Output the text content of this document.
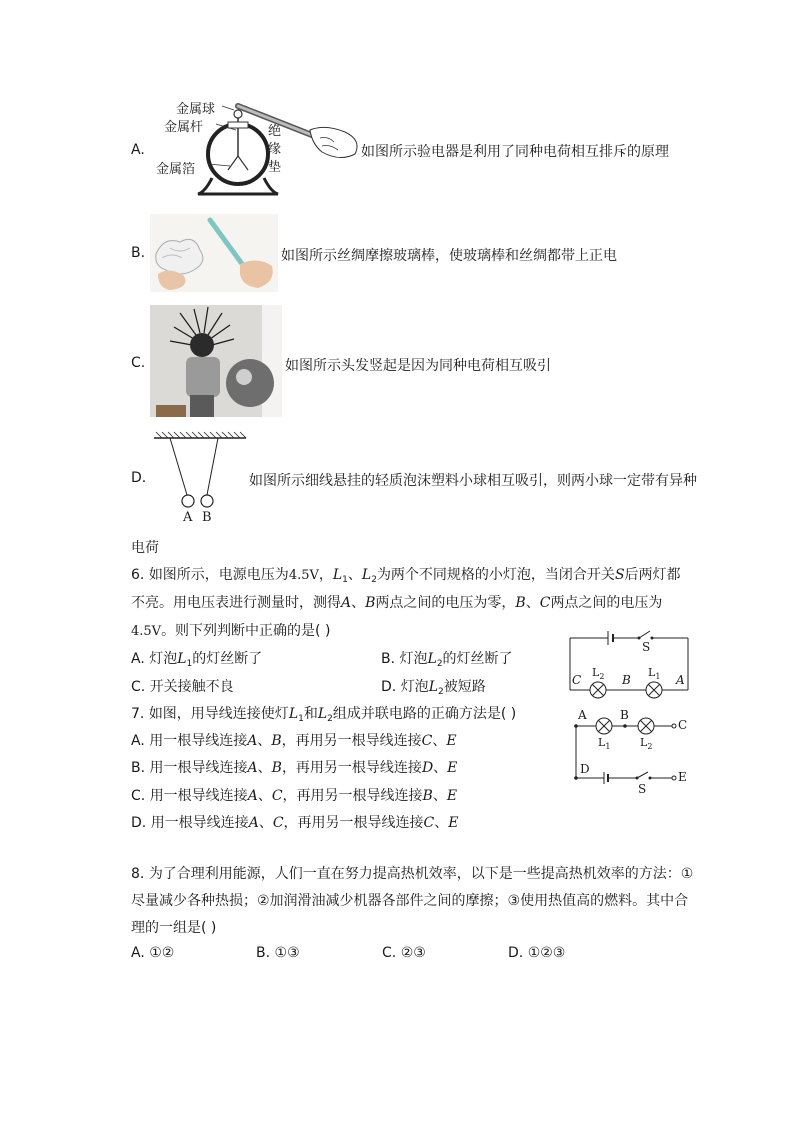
A.
金属球
金属杆
金属箔
绝
缘
垫
如图所示验电器是利用了同种电荷相互排斥的原理
B.	如图所示丝绸摩擦玻璃棒，使玻璃棒和丝绸都带上正电
C.	如图所示头发竖起是因为同种电荷相互吸引
D.
A B
如图所示细线悬挂的轻质泡沫塑料小球相互吸引，则两小球一定带有异种
电荷
6. 如图所示，电源电压为4.5V，$L_1$、$L_2$为两个不同规格的小灯泡，当闭合开关S后两灯都
不亮。用电压表进行测量时，测得A、B两点之间的电压为零，B、C两点之间的电压为
4.5V。则下列判断中正确的是( )
A. 灯泡$L_1$的灯丝断了	B. 灯泡$L_2$的灯丝断了
C. 开关接触不良	D. 灯泡$L_2$被短路
S
$L_2$	$L_1$
C	B	A
7. 如图，用导线连接使灯$L_1$和$L_2$组成并联电路的正确方法是( )
A. 用一根导线连接A、B，再用另一根导线连接C、E
B. 用一根导线连接A、B，再用另一根导线连接D、E
C. 用一根导线连接A、C，再用另一根导线连接B、E
D. 用一根导线连接A、C，再用另一根导线连接C、E
A	B
C
$L_1$	$L_2$
D
E
S
8. 为了合理利用能源，人们一直在努力提高热机效率，以下是一些提高热机效率的方法：①
尽量减少各种热损；②加润滑油减少机器各部件之间的摩擦；③使用热值高的燃料。其中合
理的一组是( )
A. ①②	B. ①③	C. ②③	D. ①②③
